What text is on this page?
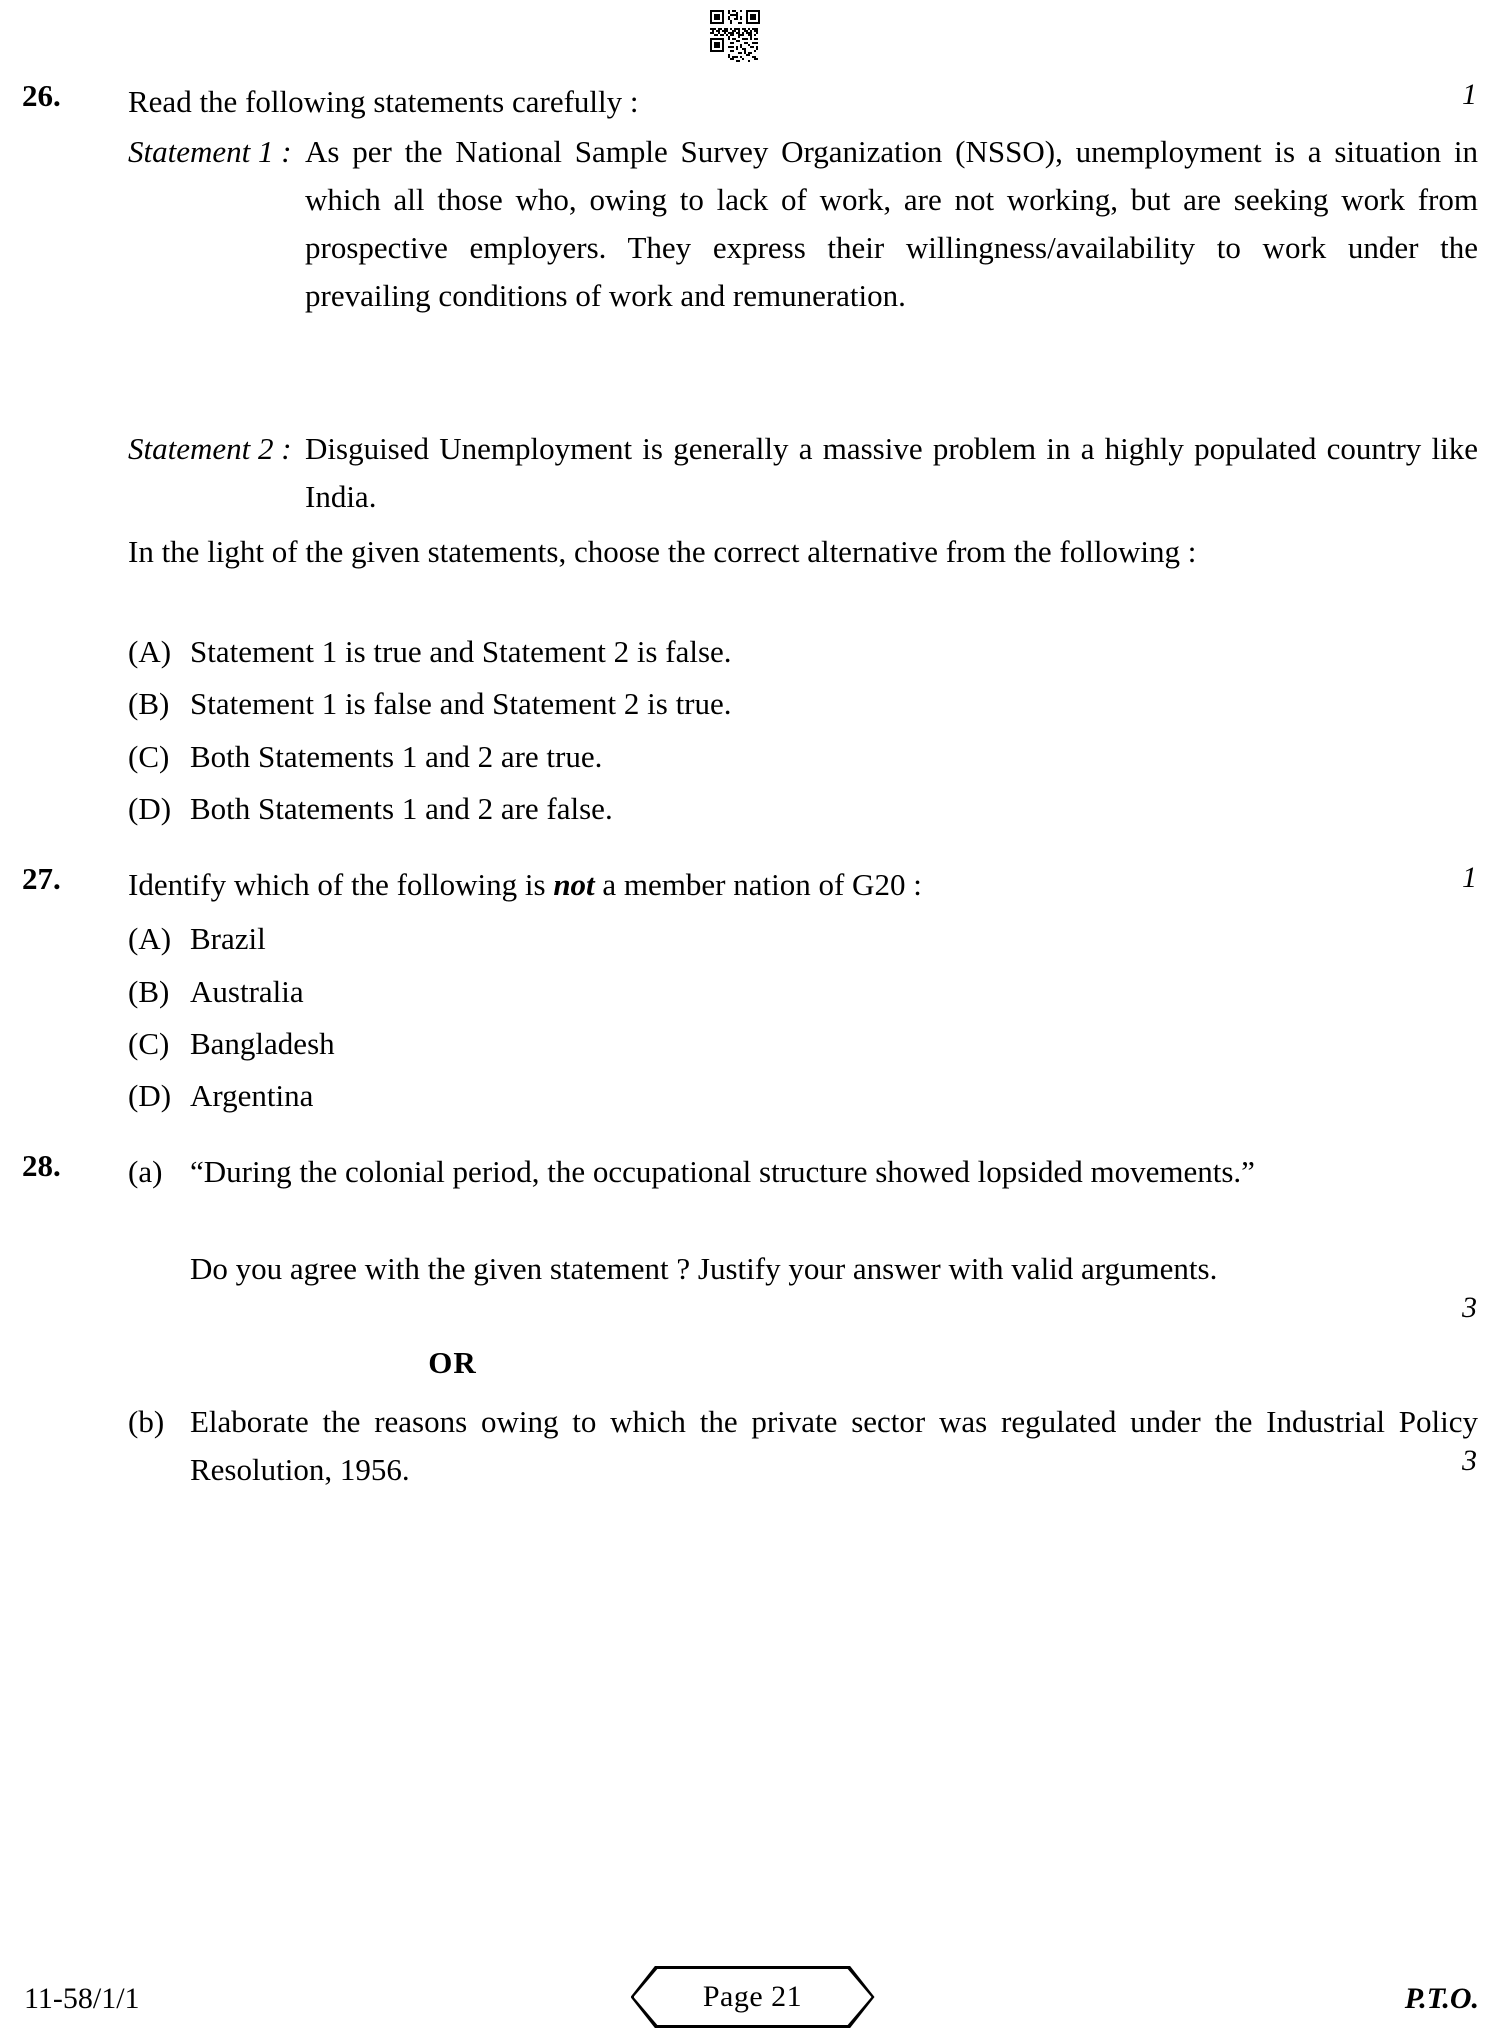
26. Read the following statements carefully :	1
Statement 1 : As per the National Sample Survey Organization (NSSO), unemployment is a situation in which all those who, owing to lack of work, are not working, but are seeking work from prospective employers. They express their willingness/availability to work under the prevailing conditions of work and remuneration.
Statement 2 : Disguised Unemployment is generally a massive problem in a highly populated country like India.
In the light of the given statements, choose the correct alternative from the following :
(A) Statement 1 is true and Statement 2 is false.
(B) Statement 1 is false and Statement 2 is true.
(C) Both Statements 1 and 2 are true.
(D) Both Statements 1 and 2 are false.
27. Identify which of the following is not a member nation of G20 :	1
(A) Brazil
(B) Australia
(C) Bangladesh
(D) Argentina
28. (a) “During the colonial period, the occupational structure showed lopsided movements.”
Do you agree with the given statement ? Justify your answer with valid arguments.
3
OR
(b) Elaborate the reasons owing to which the private sector was regulated under the Industrial Policy Resolution, 1956.	3
11-58/1/1	Page 21	P.T.O.
